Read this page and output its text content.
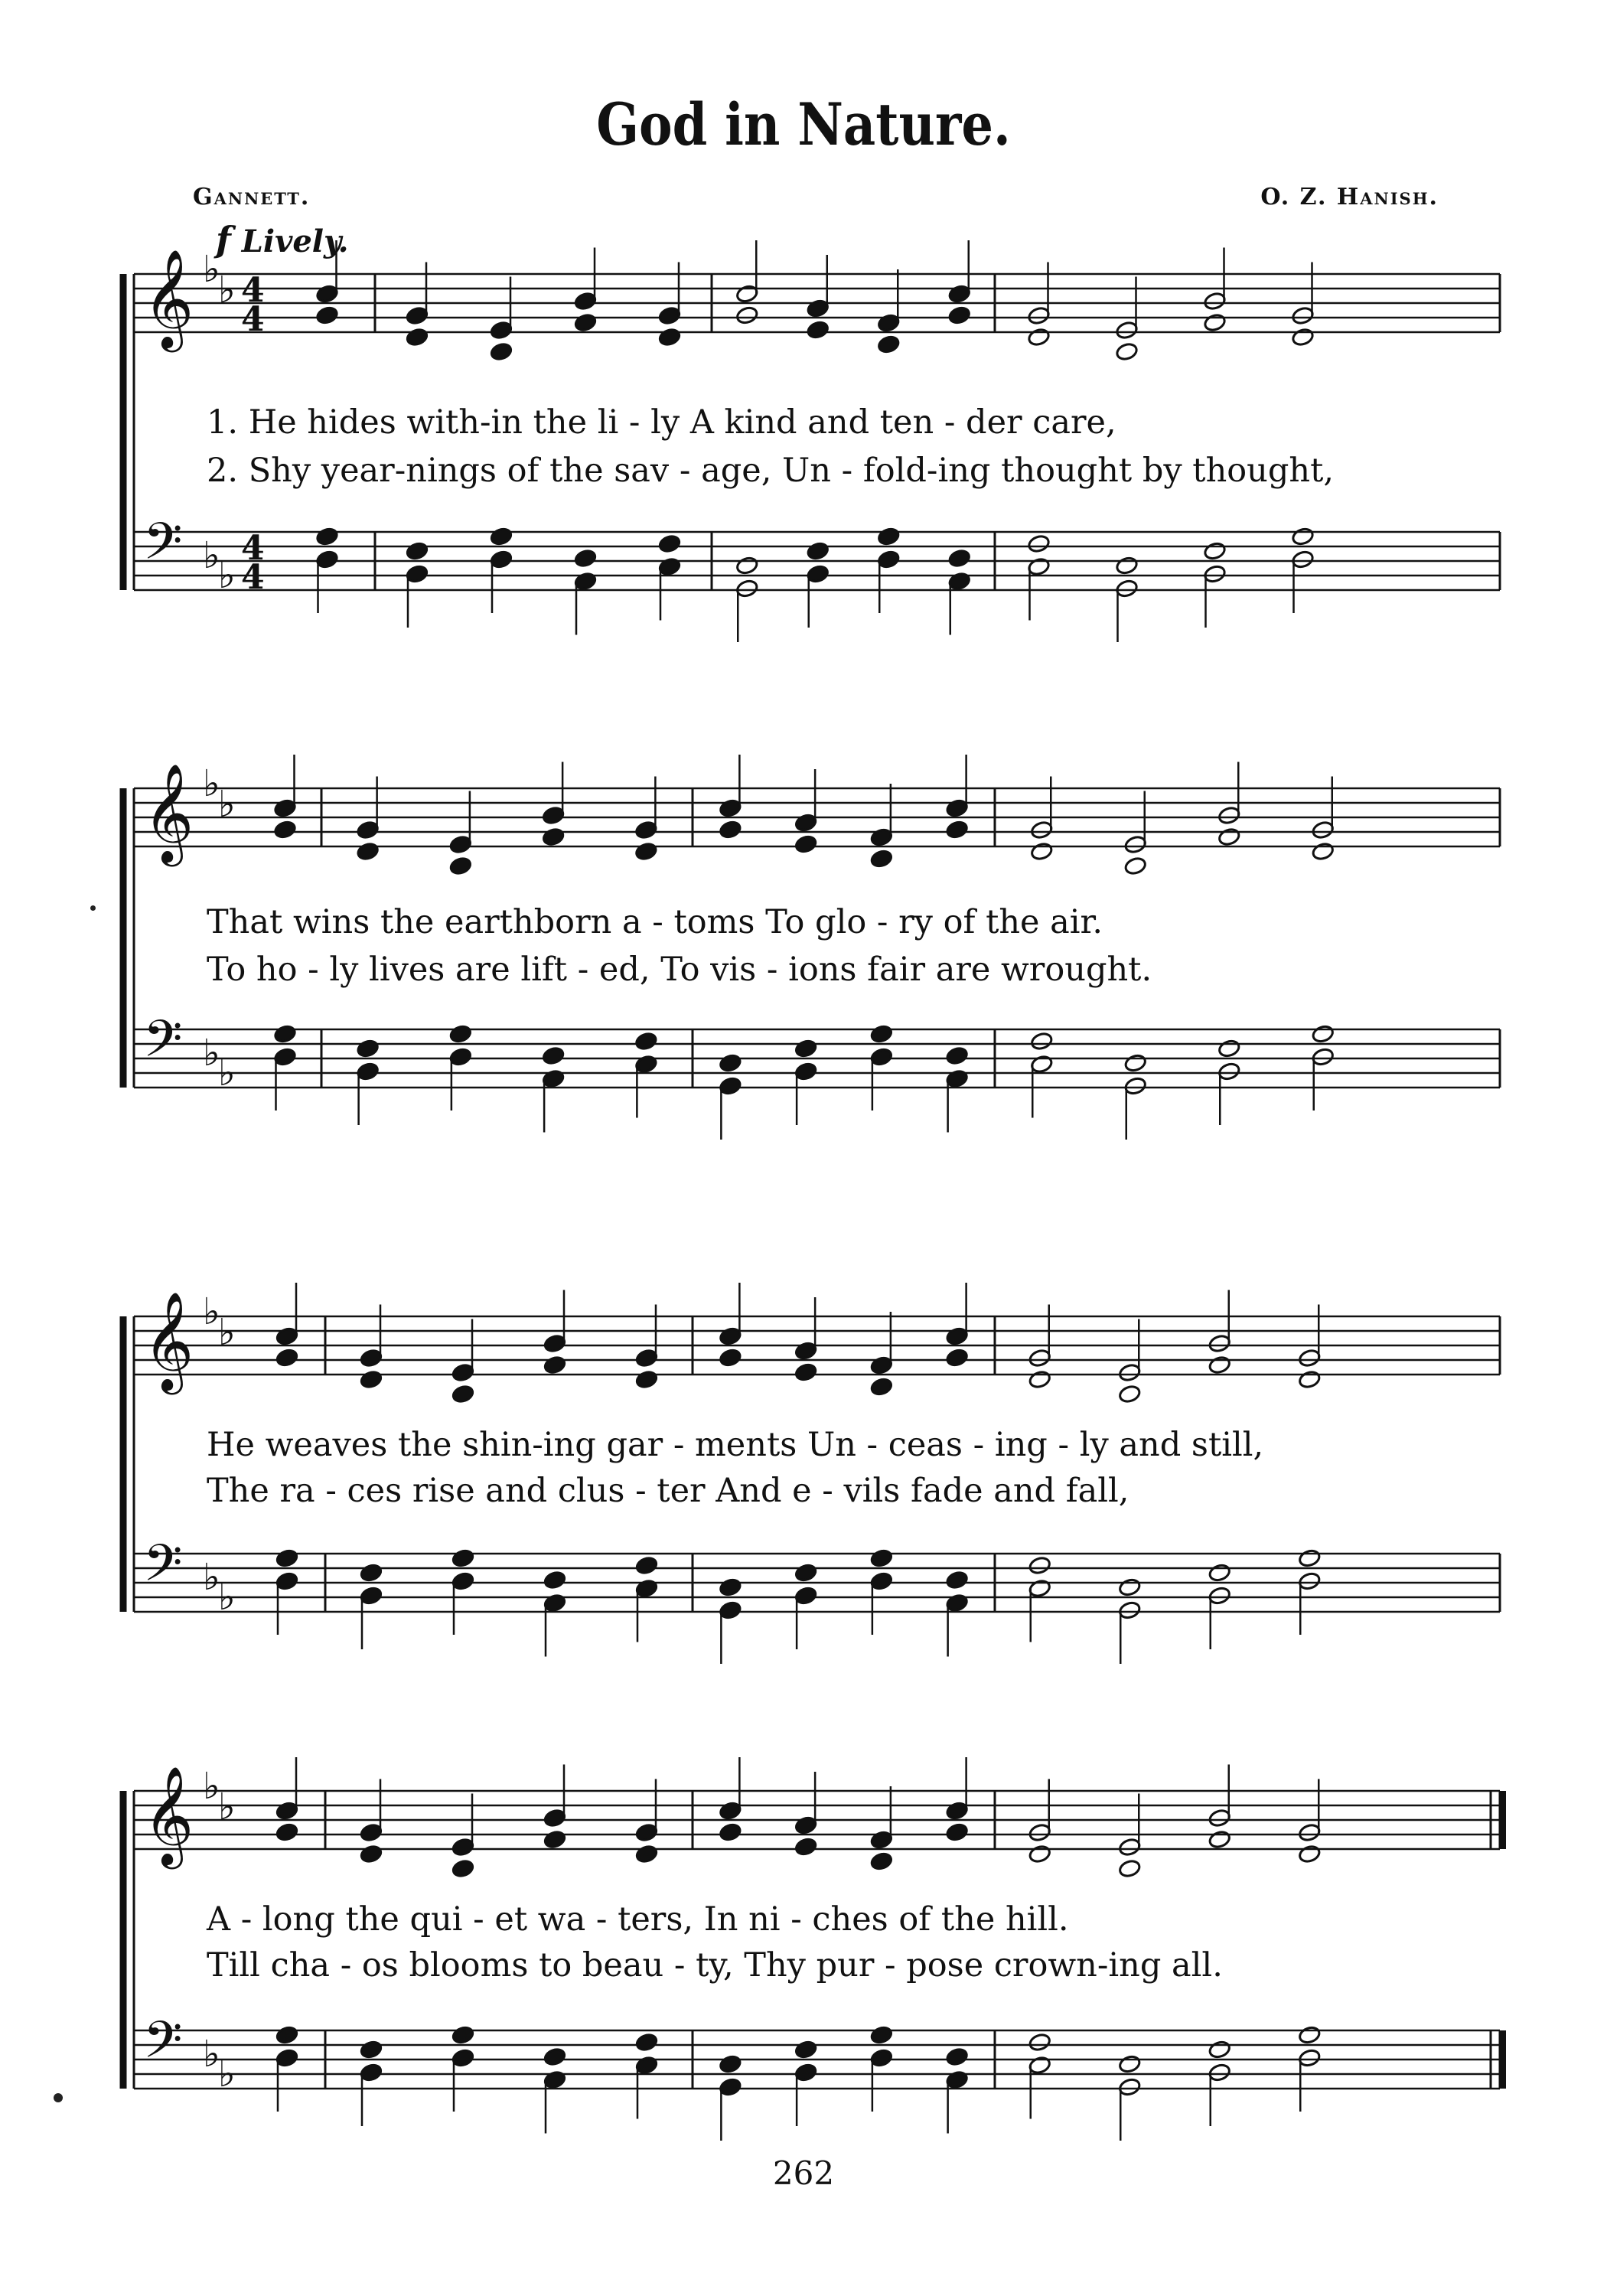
God in Nature.
Gannett.	O. Z. Hanish.
f Lively.
𝄞 ♭
♭ 4
4
𝄢 ♭
♭
4
4
1. He hides with-in the li - ly A kind and ten - der care,
2. Shy year-nings of the sav - age, Un - fold-ing thought by thought,
𝄞 ♭
♭
𝄢 ♭
♭
That wins the earthborn a - toms To glo - ry of the air.
To ho - ly lives are lift - ed, To vis - ions fair are wrought.
𝄞 ♭
♭
𝄢 ♭
♭
He weaves the shin-ing gar - ments Un - ceas - ing - ly and still,
The ra - ces rise and clus - ter And e - vils fade and fall,
𝄞 ♭
♭
𝄢 ♭
♭
A - long the qui - et wa - ters, In ni - ches of the hill.
Till cha - os blooms to beau - ty, Thy pur - pose crown-ing all.
262
